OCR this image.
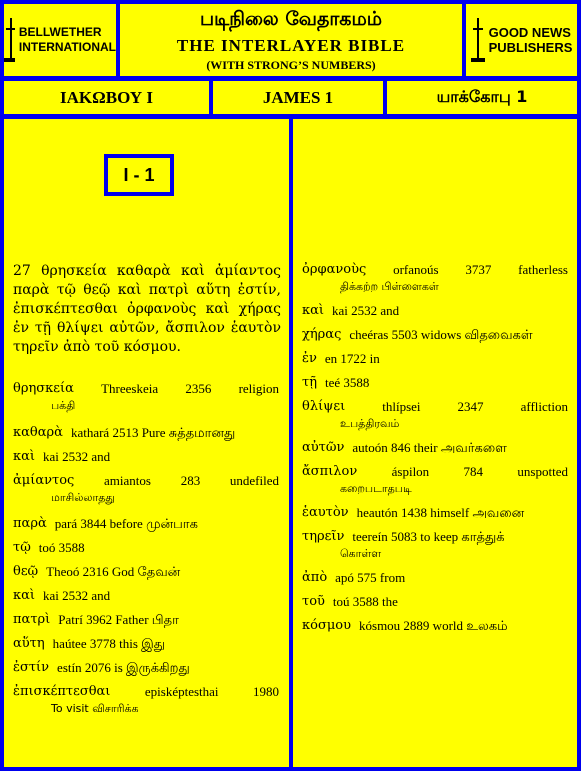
BELLWETHER
INTERNATIONAL
படிநிலை வேதாகமம்
THE INTERLAYER BIBLE
(WITH STRONG’S NUMBERS)
GOOD NEWS
PUBLISHERS
ΙΑΚΩΒΟΥ Ι	JAMES 1	யாக்கோபு 1
I - 1
27 θρησκεία καθαρὰ καὶ ἀμίαντος παρὰ τῷ θεῷ καὶ πατρὶ αὕτη ἐστίν, ἐπισκέπτεσθαι ὀρφανοὺς καὶ χήρας ἐν τῇ θλίψει αὐτῶν, ἄσπιλον ἑαυτὸν τηρεῖν ἀπὸ τοῦ κόσμου.
θρησκεία Threeskeia 2356 religion
பக்தி
καθαρὰ kathará 2513 Pure சுத்தமானது
καὶ kai 2532 and
ἀμίαντος amiantos 283 undefiled
மாசில்லாதது
παρὰ pará 3844 before முன்பாக
τῷ toó 3588
θεῷ Theoó 2316 God தேவன்
καὶ kai 2532 and
πατρὶ Patrí 3962 Father பிதா
αὕτη haútee 3778 this இது
ἐστίν estín 2076 is இருக்கிறது
ἐπισκέπτεσθαι	episképtesthai	1980
To visit விசாரிக்க
ὀρφανοὺς orfanoús 3737 fatherless
திக்கற்ற பிள்ளைகள்
καὶ kai 2532 and
χήρας cheéras 5503 widows விதவைகள்
ἐν en 1722 in
τῇ teé 3588
θλίψει	thlípsei	2347	affliction
உபத்திரவம்
αὐτῶν autoón 846 their அவர்களை
ἄσπιλον	áspilon	784	unspotted
கறைபடாதபடி
ἑαυτὸν heautón 1438 himself அவனை
τηρεῖν teereín 5083 to keep காத்துக்
கொள்ள
ἀπὸ apó 575 from
τοῦ toú 3588 the
κόσμου kósmou 2889 world உலகம்
